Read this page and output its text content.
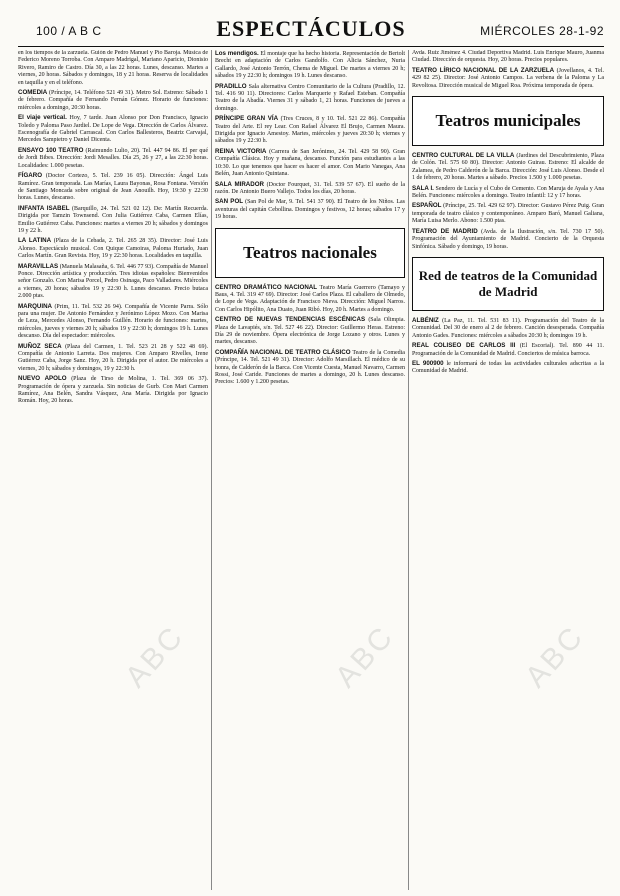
100 / A B C	ESPECTÁCULOS	MIÉRCOLES 28-1-92

en los tiempos de la zarzuela. Guión de Pedro Manuel y Pío Baroja. Música de Federico Moreno Torroba. Con Amparo Madrigal, Mariano Aparicio, Dionisio Rivero, Ramiro de Castro. Día 30, a las 22 horas. Lunes, descanso. Martes a viernes, 20 horas. Sábados y domingos, 18 y 21 horas. Reserva de localidades en taquilla y en el teléfono.

COMEDIA (Príncipe, 14. Teléfono 521 49 31). Metro Sol. Estreno: Sábado 1 de febrero. Compañía de Fernando Fernán Gómez. Horario de funciones: miércoles a domingo, 20:30 horas.

El viaje vertical. Hoy, 7 tarde. Juan Alonso por Don Francisco, Ignacio Toledo y Paloma Paso Jardiel. De Lope de Vega. Dirección de Carlos Álvarez. Escenografía de Gabriel Carrascal. Con Carlos Ballesteros, Beatriz Carvajal, Mercedes Sampietro y Daniel Dicenta.

ENSAYO 100 TEATRO (Raimundo Lulio, 20). Tel. 447 94 86. El per qué de Jordi Bibes. Dirección: Jordi Mesalles. Día 25, 26 y 27, a las 22:30 horas. Localidades: 1.000 pesetas.

FÍGARO (Doctor Cortezo, 5. Tel. 239 16 05). Dirección: Ángel Luis Ramírez. Gran temporada. Las Marías, Laura Bayonas, Rosa Fontana. Versión de Santiago Moncada sobre original de Jean Anouilh. Hoy, 19:30 y 22:30 horas. Lunes, descanso.

INFANTA ISABEL (Barquillo, 24. Tel. 521 02 12). De: Martín Recuerda. Dirigida por Tamzin Townsend. Con Julia Gutiérrez Caba, Carmen Elías, Emilio Gutiérrez Caba. Funciones: martes a viernes 20 h; sábados y domingos 19 y 22 h.

LA LATINA (Plaza de la Cebada, 2. Tel. 265 28 35). Director: José Luis Alonso. Espectáculo musical. Con Quique Camoiras, Paloma Hurtado, Juan Carlos Martín. Gran Revista. Hoy, 19 y 22:30 horas. Localidades en taquilla.

MARAVILLAS (Manuela Malasaña, 6. Tel. 446 77 93). Compañía de Manuel Ponce. Dirección artística y producción. Tres idiotas españoles: Bienvenidos señor Gonzalo. Con Marisa Porcel, Pedro Osinaga, Paco Valladares. Miércoles a viernes, 20 horas; sábados 19 y 22:30 h. Lunes descanso. Precio butaca 2.000 ptas.

MARQUINA (Prim, 11. Tel. 532 26 94). Compañía de Vicente Parra. Sólo para una mujer. De Antonio Fernández y Jerónimo López Mozo. Con Marisa de Leza, Mercedes Alonso, Fernando Guillén. Horario de funciones: martes, miércoles, jueves y viernes 20 h; sábados 19 y 22:30 h; domingos 19 h. Lunes descanso. Día del espectador: miércoles.

MUÑOZ SECA (Plaza del Carmen, 1. Tel. 523 21 28 y 522 48 69). Compañía de Antonio Larreta. Dos mujeres. Con Amparo Rivelles, Irene Gutiérrez Caba, Jorge Sanz. Hoy, 20 h. Dirigida por el autor. De miércoles a viernes, 20 h; sábados y domingos, 19 y 22:30 h.

NUEVO APOLO (Plaza de Tirso de Molina, 1. Tel. 369 06 37). Programación de ópera y zarzuela. Sin noticias de Gurb. Con Mari Carmen Ramírez, Ana Belén, Sandra Vásquez, Ana María. Dirigida por Ignacio Román. Hoy, 20 horas.

Los mendigos. El montaje que ha hecho historia. Representación de Bertolt Brecht en adaptación de Carlos Gandolfo. Con Alicia Sánchez, Nuria Gallardo, José Antonio Terrón, Chema de Miguel. De martes a viernes 20 h; sábados 19 y 22:30 h; domingos 19 h. Lunes descanso.

PRADILLO Sala alternativa Centro Comunitario de la Cultura (Pradillo, 12. Tel. 416 90 11). Directores: Carlos Marquerie y Rafael Esteban. Compañía Teatro de la Abadía. Viernes 31 y sábado 1, 21 horas. Funciones de jueves a domingo.

PRÍNCIPE GRAN VÍA (Tres Cruces, 8 y 10. Tel. 521 22 86). Compañía Teatro del Arte. El rey Lear. Con Rafael Álvarez El Brujo, Carmen Maura. Dirigida por Ignacio Amestoy. Martes, miércoles y jueves 20:30 h; viernes y sábados 19 y 22:30 h.

REINA VICTORIA (Carrera de San Jerónimo, 24. Tel. 429 58 90). Gran Compañía Clásica. Hoy y mañana, descanso. Función para estudiantes a las 10:30. Lo que tenemos que hacer es hacer el amor. Con Mario Vanegas, Ana Belén, Juan Antonio Quintana.

SALA MIRADOR (Doctor Fourquet, 31. Tel. 539 57 67). El sueño de la razón. De Antonio Buero Vallejo. Todos los días, 20 horas.

SAN POL (San Pol de Mar, 9. Tel. 541 37 90). El Teatro de los Niños. Las aventuras del capitán Cebollina. Domingos y festivos, 12 horas; sábados 17 y 19 horas.

Teatros nacionales

CENTRO DRAMÁTICO NACIONAL Teatro María Guerrero (Tamayo y Baus, 4. Tel. 319 47 69). Director: José Carlos Plaza. El caballero de Olmedo, de Lope de Vega. Adaptación de Francisco Nieva. Dirección: Miguel Narros. Con Carlos Hipólito, Ana Duato, Juan Ribó. Hoy, 20 h. Martes a domingo.

CENTRO DE NUEVAS TENDENCIAS ESCÉNICAS (Sala Olimpia. Plaza de Lavapiés, s/n. Tel. 527 46 22). Director: Guillermo Heras. Estreno: Día 29 de noviembre. Ópera electrónica de Jorge Lozano y otros. Lunes y martes, descanso.

COMPAÑÍA NACIONAL DE TEATRO CLÁSICO Teatro de la Comedia (Príncipe, 14. Tel. 521 49 31). Director: Adolfo Marsillach. El médico de su honra, de Calderón de la Barca. Con Vicente Cuesta, Manuel Navarro, Carmen Rossi, José Caride. Funciones de martes a domingo, 20 h. Lunes descanso. Precios: 1.600 y 1.200 pesetas.

Avda. Ruiz Jiménez 4. Ciudad Deportiva Madrid. Luis Enrique Mauro, Juanma Ciudad. Dirección de orquesta. Hoy, 20 horas. Precios populares.

TEATRO LÍRICO NACIONAL DE LA ZARZUELA (Jovellanos, 4. Tel. 429 82 25). Director: José Antonio Campos. La verbena de la Paloma y La Revoltosa. Dirección musical de Miguel Roa. Próxima temporada de ópera.

Teatros municipales

CENTRO CULTURAL DE LA VILLA (Jardines del Descubrimiento, Plaza de Colón. Tel. 575 60 80). Director: Antonio Guirau. Estreno: El alcalde de Zalamea, de Pedro Calderón de la Barca. Dirección: José Luis Alonso. Desde el 1 de febrero, 20 horas. Martes a sábado. Precios 1.500 y 1.000 pesetas.

SALA I. Sendero de Lucía y el Cubo de Cemento. Con Maruja de Ayala y Ana Belén. Funciones: miércoles a domingo. Teatro infantil: 12 y 17 horas.

ESPAÑOL (Príncipe, 25. Tel. 429 62 97). Director: Gustavo Pérez Puig. Gran temporada de teatro clásico y contemporáneo. Amparo Baró, Manuel Galiana, María Luisa Merlo. Abono: 1.500 ptas.

TEATRO DE MADRID (Avda. de la Ilustración, s/n. Tel. 730 17 50). Programación del Ayuntamiento de Madrid. Concierto de la Orquesta Sinfónica. Sábado y domingo, 19 horas.

Red de teatros de la Comunidad de Madrid

ALBÉNIZ (La Paz, 11. Tel. 531 83 11). Programación del Teatro de la Comunidad. Del 30 de enero al 2 de febrero. Canción desesperada. Compañía Antonio Gades. Funciones: miércoles a sábados 20:30 h; domingos 19 h.

REAL COLISEO DE CARLOS III (El Escorial). Tel. 890 44 11. Programación de la Comunidad de Madrid. Conciertos de música barroca.

EL 900900 le informará de todas las actividades culturales adscritas a la Comunidad de Madrid.

ABC	ABC	ABC
